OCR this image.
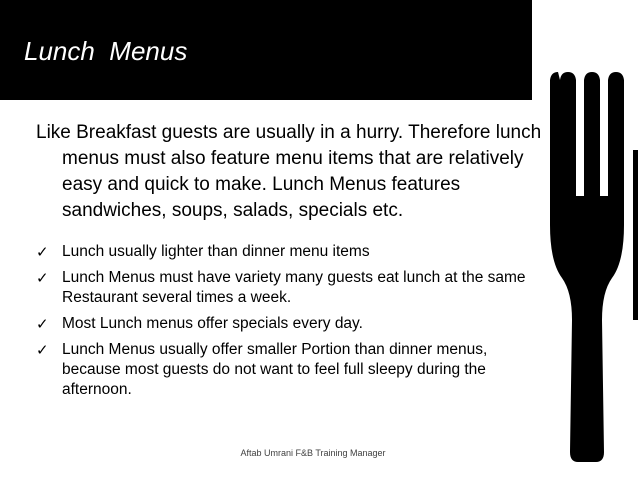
Lunch  Menus

Like Breakfast guests are usually in a hurry. Therefore lunch menus must also feature menu items that are relatively easy and quick to make. Lunch Menus features sandwiches, soups, salads, specials etc.

✓ Lunch usually lighter than dinner menu items
✓ Lunch Menus must have variety many guests eat lunch at the same Restaurant several times a week.
✓ Most Lunch menus offer specials every day.
✓ Lunch Menus usually offer smaller Portion than dinner menus, because most guests do not want to feel full sleepy during the afternoon.
Aftab Umrani F&B Training Manager
